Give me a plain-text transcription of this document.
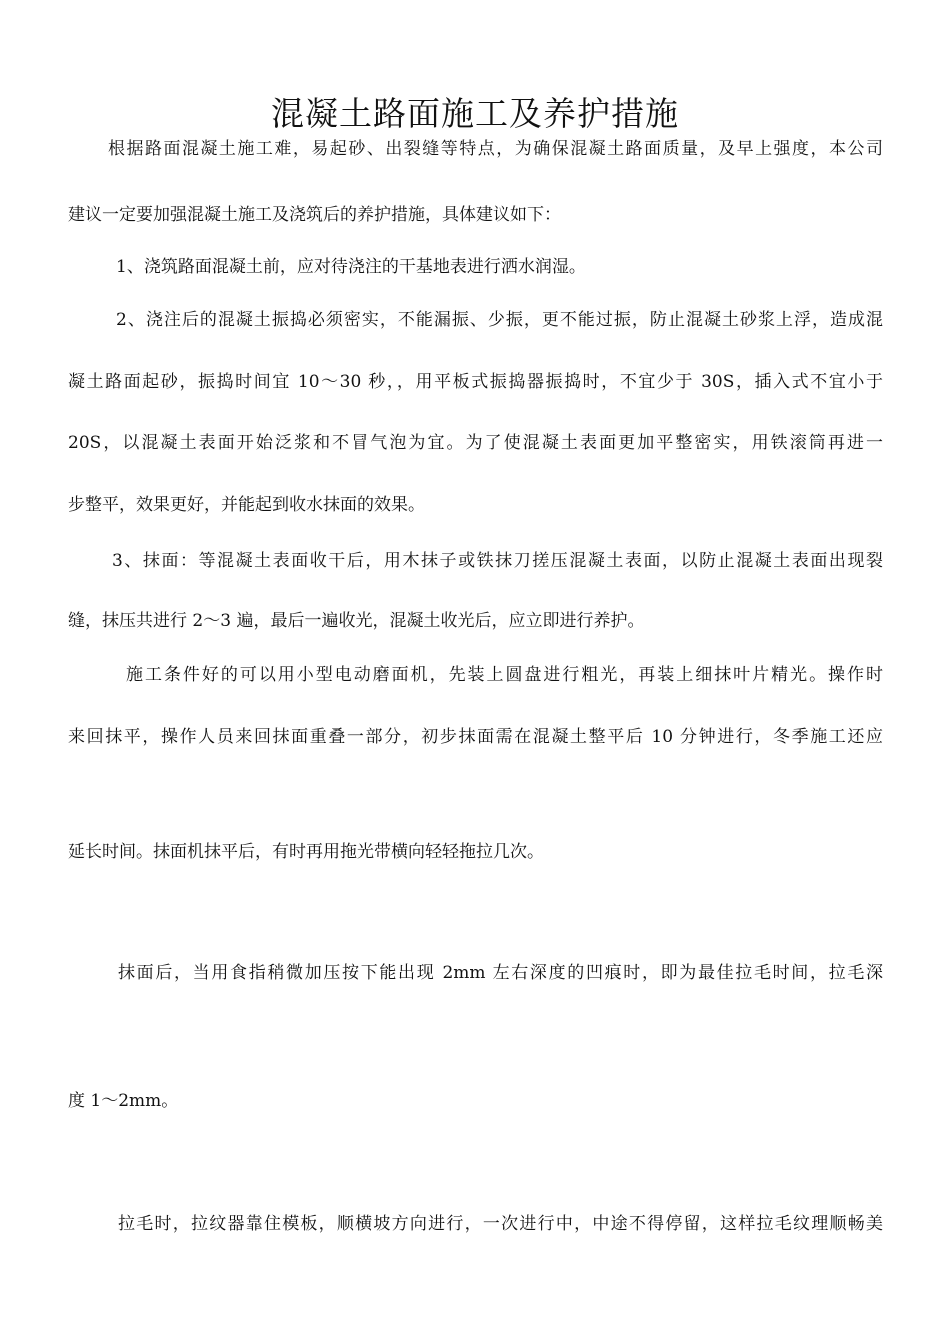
混凝土路面施工及养护措施
根据路面混凝土施工难，易起砂、出裂缝等特点，为确保混凝土路面质量，及早上强度，本公司
建议一定要加强混凝土施工及浇筑后的养护措施，具体建议如下：
1、浇筑路面混凝土前，应对待浇注的干基地表进行洒水润湿。
2、浇注后的混凝土振捣必须密实，不能漏振、少振，更不能过振，防止混凝土砂浆上浮，造成混
凝土路面起砂，振捣时间宜 10～30 秒，，用平板式振捣器振捣时，不宜少于 30S，插入式不宜小于
20S，以混凝土表面开始泛浆和不冒气泡为宜。为了使混凝土表面更加平整密实，用铁滚筒再进一
步整平，效果更好，并能起到收水抹面的效果。
3、抹面：等混凝土表面收干后，用木抹子或铁抹刀搓压混凝土表面，以防止混凝土表面出现裂
缝，抹压共进行 2～3 遍，最后一遍收光，混凝土收光后，应立即进行养护。
施工条件好的可以用小型电动磨面机，先装上圆盘进行粗光，再装上细抹叶片精光。操作时
来回抹平，操作人员来回抹面重叠一部分，初步抹面需在混凝土整平后 10 分钟进行，冬季施工还应
延长时间。抹面机抹平后，有时再用拖光带横向轻轻拖拉几次。
抹面后，当用食指稍微加压按下能出现 2mm 左右深度的凹痕时，即为最佳拉毛时间，拉毛深
度 1～2mm。
拉毛时，拉纹器靠住模板，顺横坡方向进行，一次进行中，中途不得停留，这样拉毛纹理顺畅美
